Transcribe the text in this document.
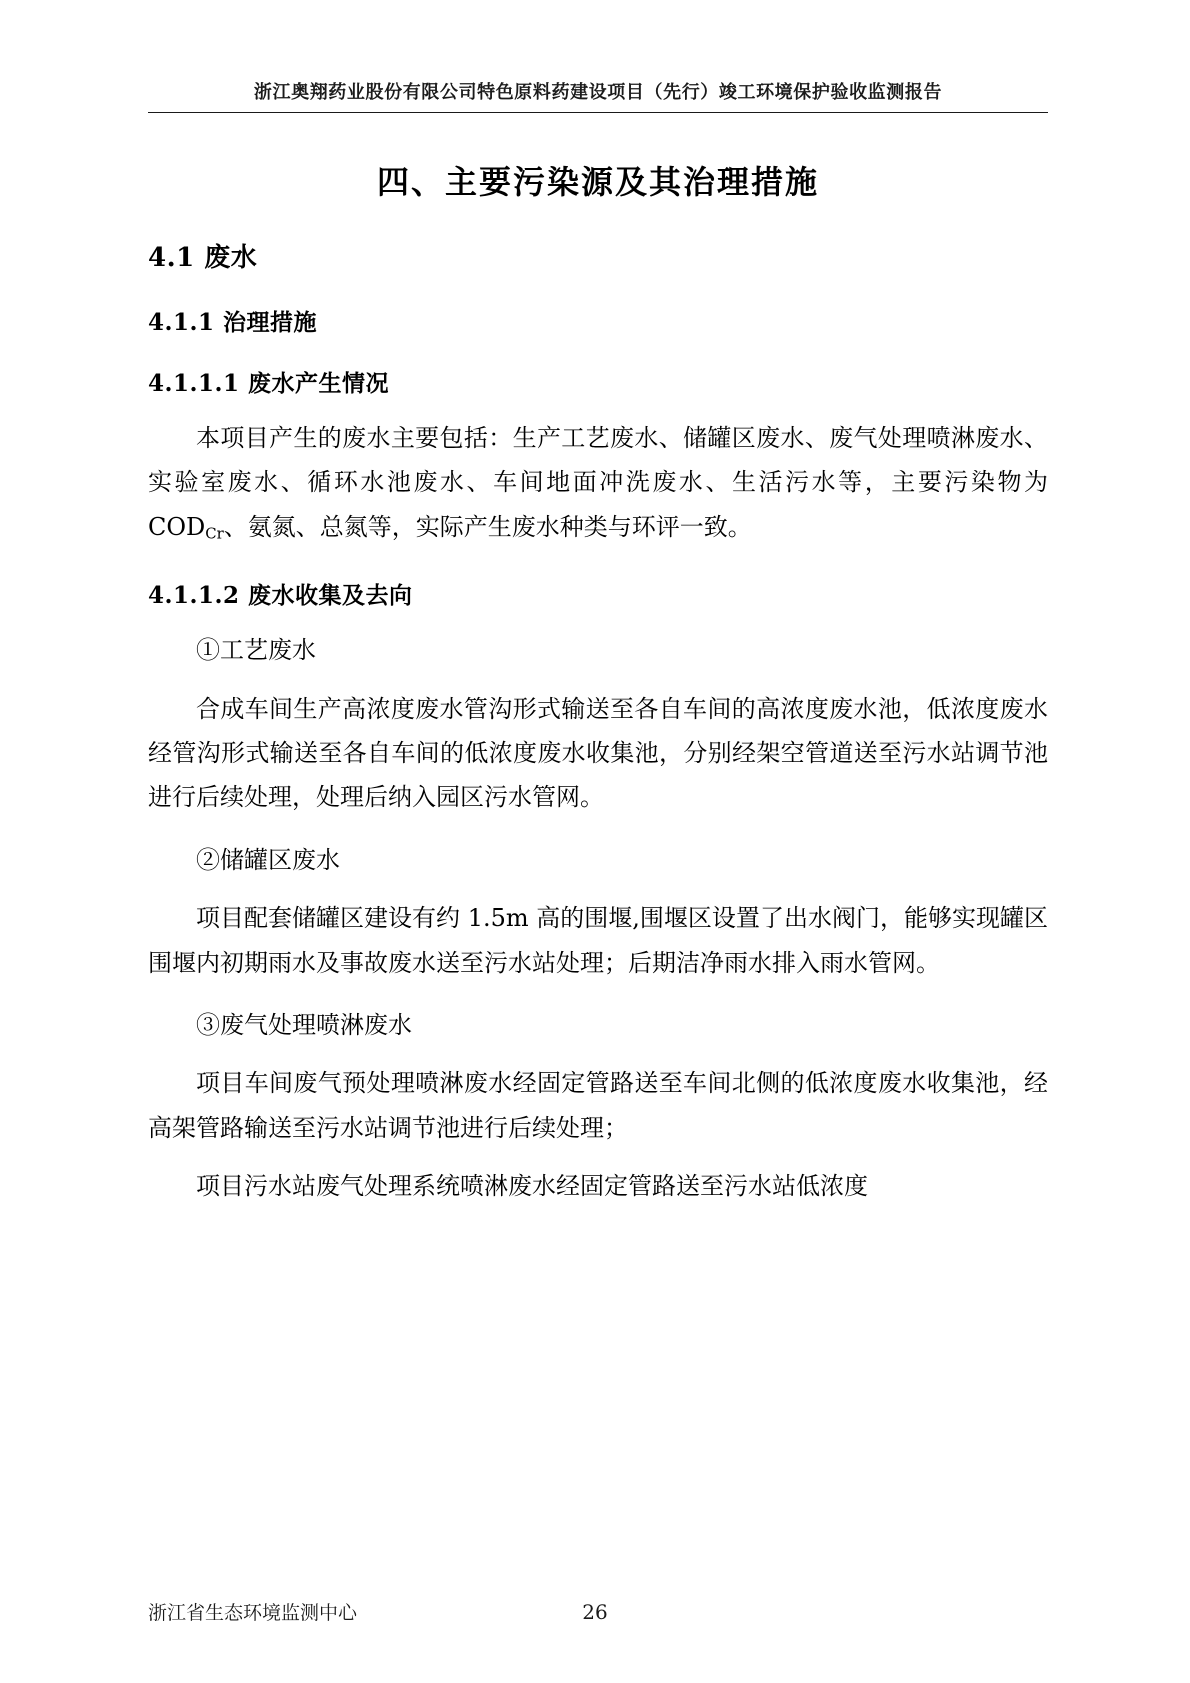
浙江奥翔药业股份有限公司特色原料药建设项目（先行）竣工环境保护验收监测报告
四、主要污染源及其治理措施
4.1 废水
4.1.1 治理措施
4.1.1.1 废水产生情况

本项目产生的废水主要包括：生产工艺废水、储罐区废水、废气处理喷淋废水、实验室废水、循环水池废水、车间地面冲洗废水、生活污水等，主要污染物为 $COD_{Cr}$、氨氮、总氮等，实际产生废水种类与环评一致。

4.1.1.2 废水收集及去向

①工艺废水

合成车间生产高浓度废水管沟形式输送至各自车间的高浓度废水池，低浓度废水经管沟形式输送至各自车间的低浓度废水收集池，分别经架空管道送至污水站调节池进行后续处理，处理后纳入园区污水管网。

②储罐区废水

项目配套储罐区建设有约 1.5m 高的围堰,围堰区设置了出水阀门，能够实现罐区围堰内初期雨水及事故废水送至污水站处理；后期洁净雨水排入雨水管网。

③废气处理喷淋废水

项目车间废气预处理喷淋废水经固定管路送至车间北侧的低浓度废水收集池，经高架管路输送至污水站调节池进行后续处理；

项目污水站废气处理系统喷淋废水经固定管路送至污水站低浓度

浙江省生态环境监测中心	26
